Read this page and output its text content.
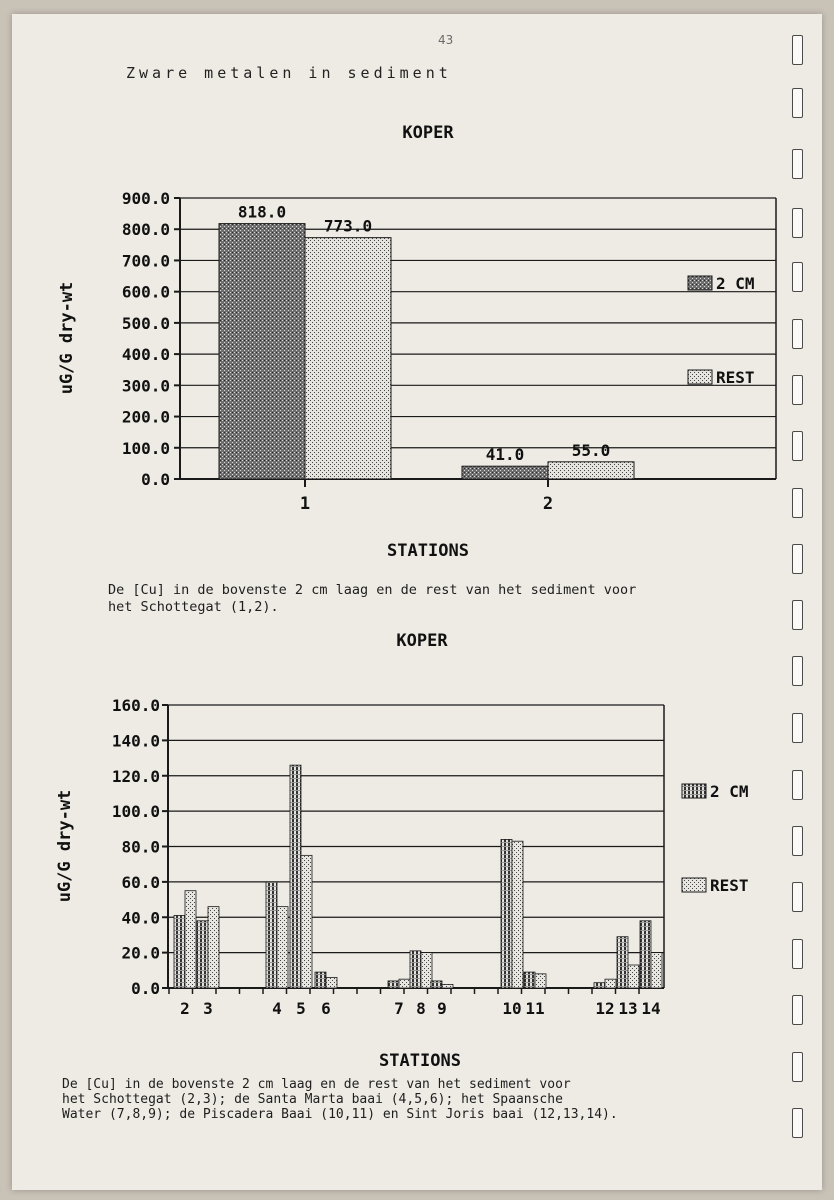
43
Zware metalen in sediment
KOPER
uG/G dry-wt
STATIONS
0.0
100.0
200.0
300.0
400.0
500.0
600.0
700.0
800.0
900.0
818.0
773.0
41.0	55.0
1	2
2 CM
REST
De [Cu] in de bovenste 2 cm laag en de rest van het sediment voor
het Schottegat (1,2).
KOPER
uG/G dry-wt
STATIONS
0.0
20.0
40.0
60.0
80.0
100.0
120.0
140.0
160.0
2 3	4 5 6	7 8 9	10 11	12 13 14
2 CM
REST
De [Cu] in de bovenste 2 cm laag en de rest van het sediment voor
het Schottegat (2,3); de Santa Marta baai (4,5,6); het Spaansche
Water (7,8,9); de Piscadera Baai (10,11) en Sint Joris baai (12,13,14).
